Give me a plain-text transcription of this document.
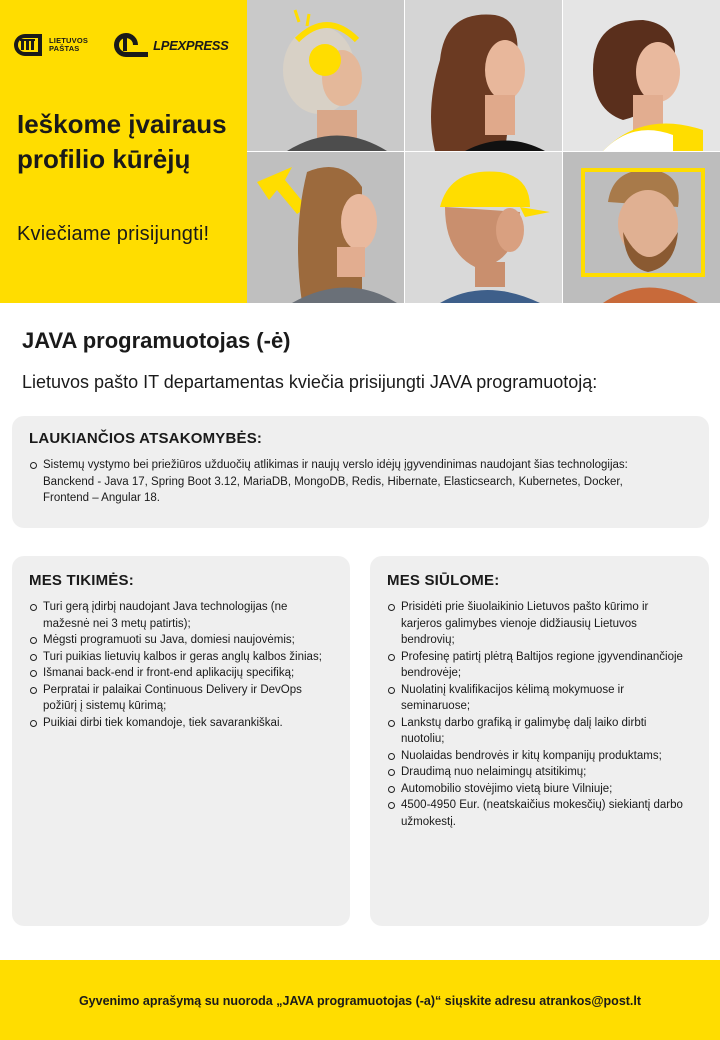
LIETUVOS
PAŠTAS	LPEXPRESS
Ieškome įvairaus profilio kūrėjų
Kviečiame prisijungti!
JAVA programuotojas (-ė)
Lietuvos pašto IT departamentas kviečia prisijungti JAVA programuotoją:
LAUKIANČIOS ATSAKOMYBĖS:
Sistemų vystymo bei priežiūros užduočių atlikimas ir naujų verslo idėjų įgyvendinimas naudojant šias technologijas: Banckend - Java 17, Spring Boot 3.12, MariaDB, MongoDB, Redis, Hibernate, Elasticsearch, Kubernetes, Docker, Frontend – Angular 18.
MES TIKIMĖS:
Turi gerą įdirbį naudojant Java technologijas (ne mažesnė nei 3 metų patirtis);
Mėgsti programuoti su Java, domiesi naujovėmis;
Turi puikias lietuvių kalbos ir geras anglų kalbos žinias;
Išmanai back-end ir front-end aplikacijų specifiką;
Perpratai ir palaikai Continuous Delivery ir DevOps požiūrį į sistemų kūrimą;
Puikiai dirbi tiek komandoje, tiek savarankiškai.
MES SIŪLOME:
Prisidėti prie šiuolaikinio Lietuvos pašto kūrimo ir karjeros galimybes vienoje didžiausių Lietuvos bendrovių;
Profesinę patirtį plėtrą Baltijos regione įgyvendinančioje bendrovėje;
Nuolatinį kvalifikacijos kėlimą mokymuose ir seminaruose;
Lankstų darbo grafiką ir galimybę dalį laiko dirbti nuotoliu;
Nuolaidas bendrovės ir kitų kompanijų produktams;
Draudimą nuo nelaimingų atsitikimų;
Automobilio stovėjimo vietą biure Vilniuje;
4500-4950 Eur. (neatskaičius mokesčių) siekiantį darbo užmokestį.
Gyvenimo aprašymą su nuoroda „JAVA programuotojas (-a)“ siųskite adresu atrankos@post.lt
